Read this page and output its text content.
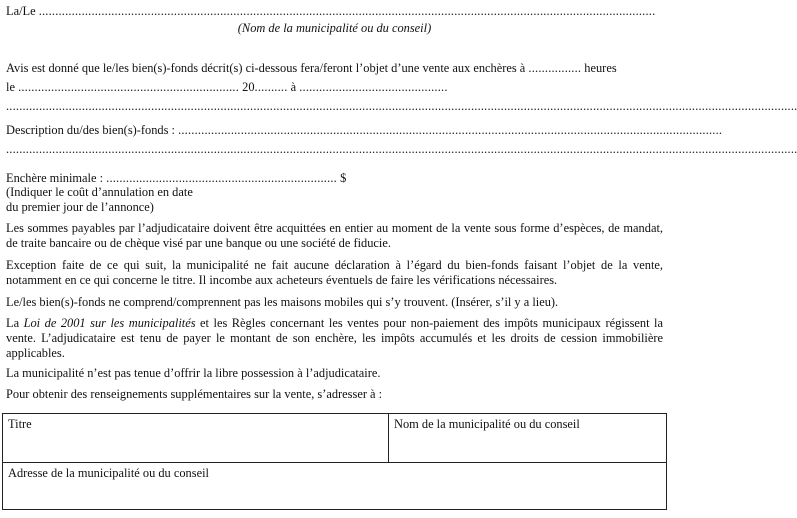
La/Le ...........................................................................................................................................................................................
(Nom de la municipalité ou du conseil)
Avis est donné que le/les bien(s)-fonds décrit(s) ci-dessous fera/feront l’objet d’une vente aux enchères à ................ heures
le ................................................................... 20.......... à .............................................
................................................................................................................................................................................................................................................
Description du/des bien(s)-fonds : .....................................................................................................................................................................
................................................................................................................................................................................................................................................
Enchère minimale : ...................................................................... $
(Indiquer le coût d’annulation en date
du premier jour de l’annonce)
Les sommes payables par l’adjudicataire doivent être acquittées en entier au moment de la vente sous forme d’espèces, de mandat, de traite bancaire ou de chèque visé par une banque ou une société de fiducie.
Exception faite de ce qui suit, la municipalité ne fait aucune déclaration à l’égard du bien-fonds faisant l’objet de la vente, notamment en ce qui concerne le titre. Il incombe aux acheteurs éventuels de faire les vérifications nécessaires.
Le/les bien(s)-fonds ne comprend/comprennent pas les maisons mobiles qui s’y trouvent. (Insérer, s’il y a lieu).
La Loi de 2001 sur les municipalités et les Règles concernant les ventes pour non-paiement des impôts municipaux régissent la vente. L’adjudicataire est tenu de payer le montant de son enchère, les impôts accumulés et les droits de cession immobilière applicables.
La municipalité n’est pas tenue d’offrir la libre possession à l’adjudicataire.
Pour obtenir des renseignements supplémentaires sur la vente, s’adresser à :
Titre	Nom de la municipalité ou du conseil
Adresse de la municipalité ou du conseil
